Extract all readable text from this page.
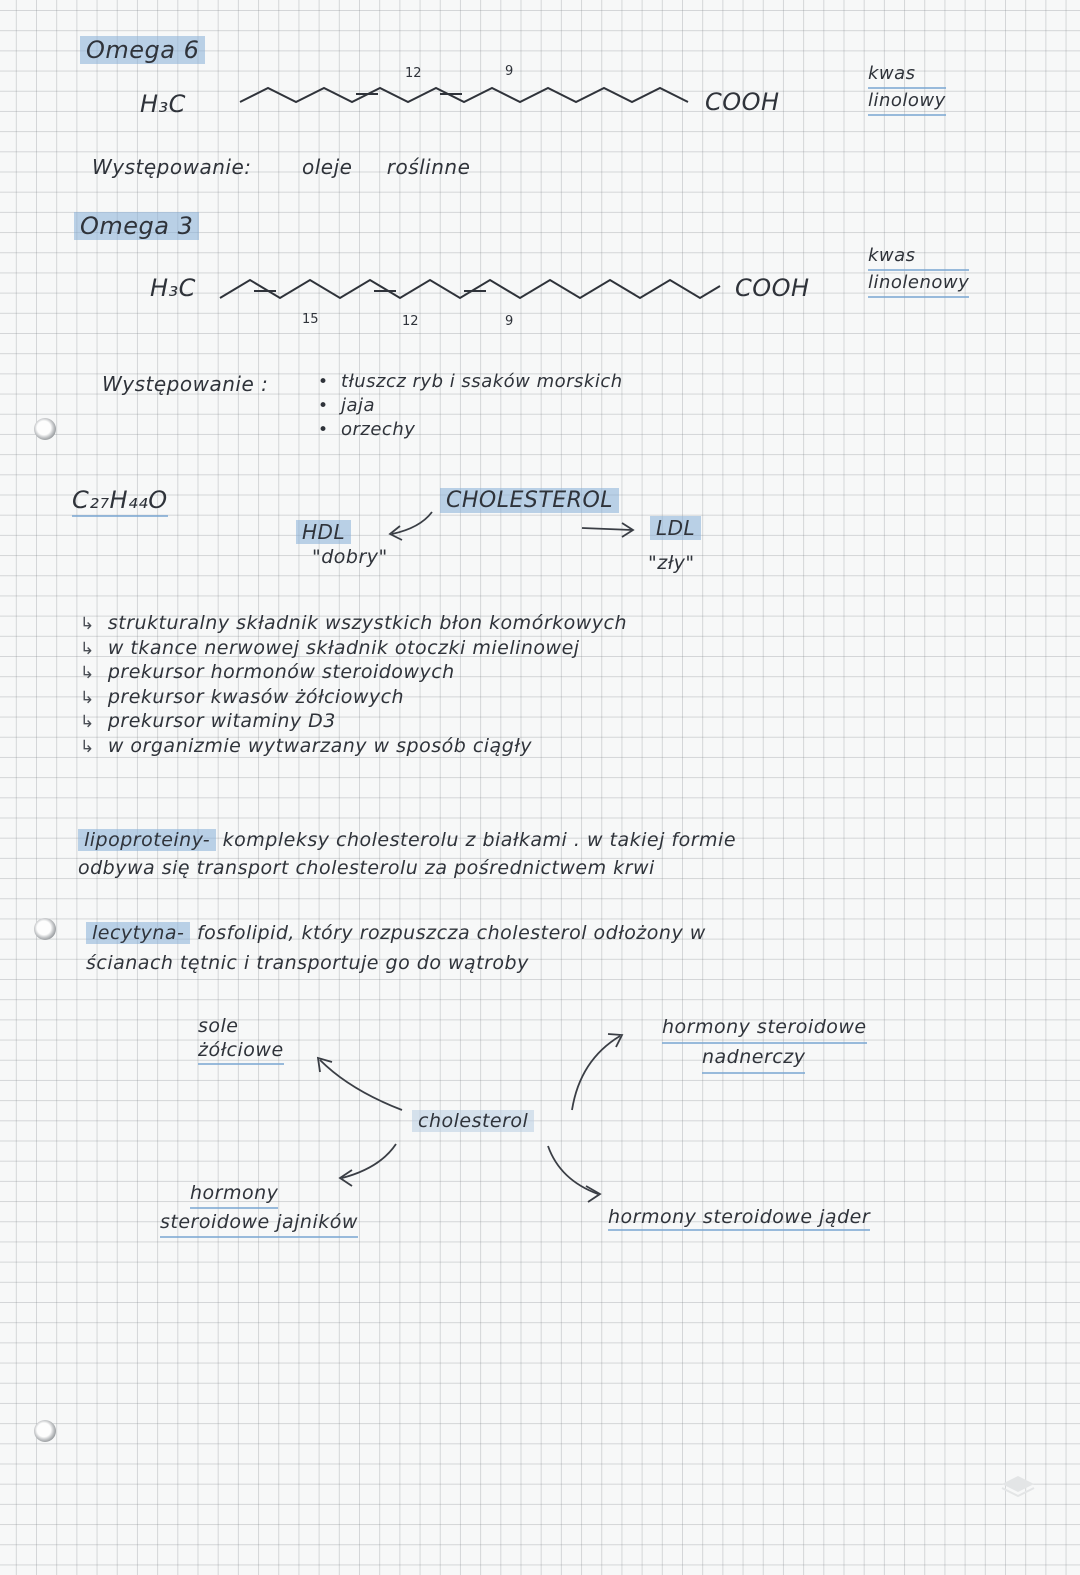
Omega 6
H₃C
12	9
COOH
kwas
linolowy
Występowanie:	oleje     roślinne
Omega 3
H₃C
15	12	9
COOH
kwas
linolenowy
Występowanie :	• tłuszcz ryb i ssaków morskich
• jaja
• orzechy
C₂₇H₄₄O	CHOLESTEROL
HDL
"dobry"
LDL
"zły"
↳ strukturalny składnik wszystkich błon komórkowych
↳ w tkance nerwowej składnik otoczki mielinowej
↳ prekursor hormonów steroidowych
↳ prekursor kwasów żółciowych
↳ prekursor witaminy D3
↳ w organizmie wytwarzany w sposób ciągły
lipoproteiny- kompleksy cholesterolu z białkami . w takiej formie
odbywa się transport cholesterolu za pośrednictwem krwi
lecytyna- fosfolipid, który rozpuszcza cholesterol odłożony w
ścianach tętnic i transportuje go do wątroby
sole
żółciowe
hormony steroidowe
nadnerczy
cholesterol
hormony
steroidowe jajników	hormony steroidowe jąder
